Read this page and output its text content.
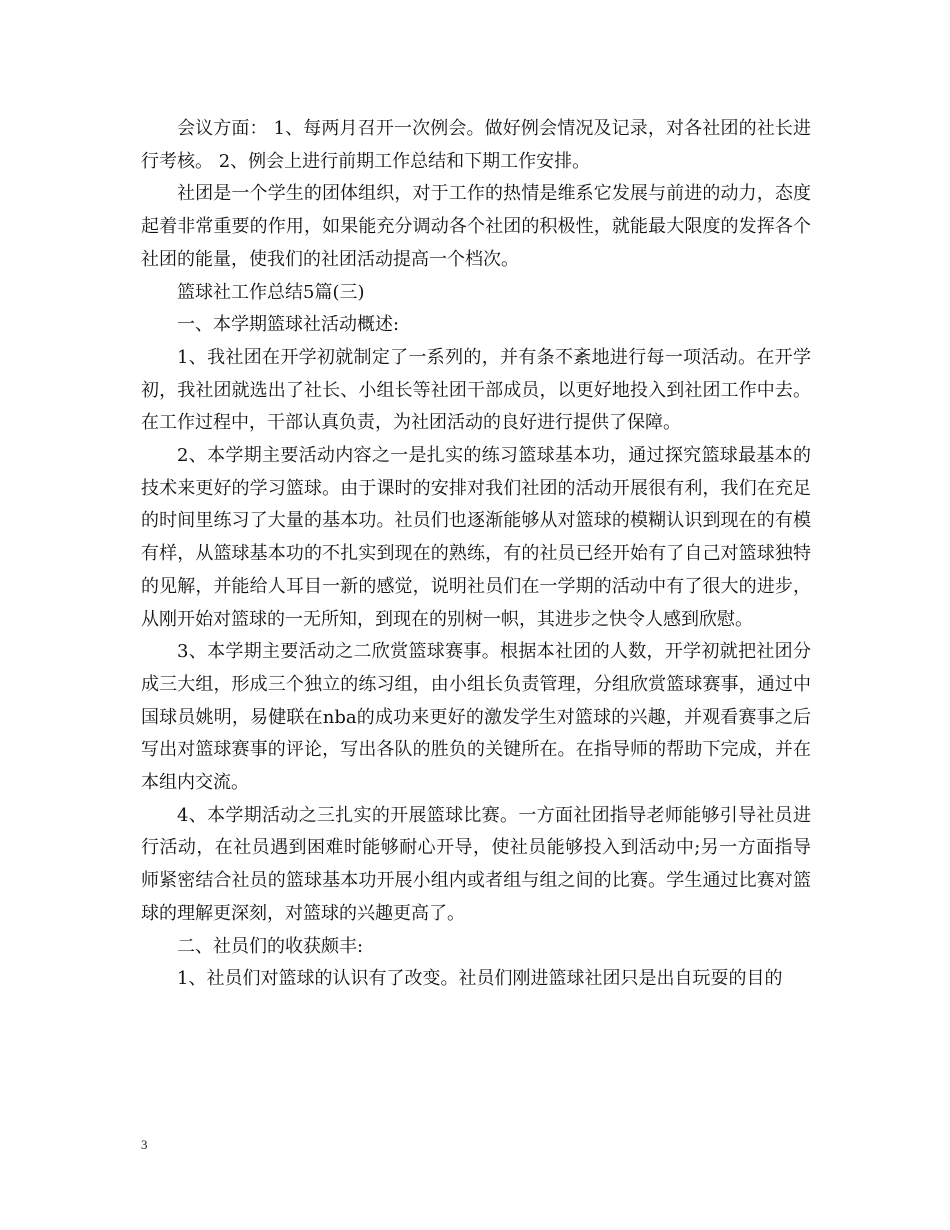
会议方面： 1、每两月召开一次例会。做好例会情况及记录，对各社团的社长进行考核。 2、例会上进行前期工作总结和下期工作安排。

社团是一个学生的团体组织，对于工作的热情是维系它发展与前进的动力，态度起着非常重要的作用，如果能充分调动各个社团的积极性，就能最大限度的发挥各个社团的能量，使我们的社团活动提高一个档次。

篮球社工作总结5篇(三)

一、本学期篮球社活动概述:

1、我社团在开学初就制定了一系列的，并有条不紊地进行每一项活动。在开学初，我社团就选出了社长、小组长等社团干部成员，以更好地投入到社团工作中去。在工作过程中，干部认真负责，为社团活动的良好进行提供了保障。

2、本学期主要活动内容之一是扎实的练习篮球基本功，通过探究篮球最基本的技术来更好的学习篮球。由于课时的安排对我们社团的活动开展很有利，我们在充足的时间里练习了大量的基本功。社员们也逐渐能够从对篮球的模糊认识到现在的有模有样，从篮球基本功的不扎实到现在的熟练，有的社员已经开始有了自己对篮球独特的见解，并能给人耳目一新的感觉，说明社员们在一学期的活动中有了很大的进步，从刚开始对篮球的一无所知，到现在的别树一帜，其进步之快令人感到欣慰。

3、本学期主要活动之二欣赏篮球赛事。根据本社团的人数，开学初就把社团分成三大组，形成三个独立的练习组，由小组长负责管理，分组欣赏篮球赛事，通过中国球员姚明，易健联在nba的成功来更好的激发学生对篮球的兴趣，并观看赛事之后写出对篮球赛事的评论，写出各队的胜负的关键所在。在指导师的帮助下完成，并在本组内交流。

4、本学期活动之三扎实的开展篮球比赛。一方面社团指导老师能够引导社员进行活动，在社员遇到困难时能够耐心开导，使社员能够投入到活动中;另一方面指导师紧密结合社员的篮球基本功开展小组内或者组与组之间的比赛。学生通过比赛对篮球的理解更深刻，对篮球的兴趣更高了。

二、社员们的收获颇丰:

1、社员们对篮球的认识有了改变。社员们刚进篮球社团只是出自玩耍的目的

3
